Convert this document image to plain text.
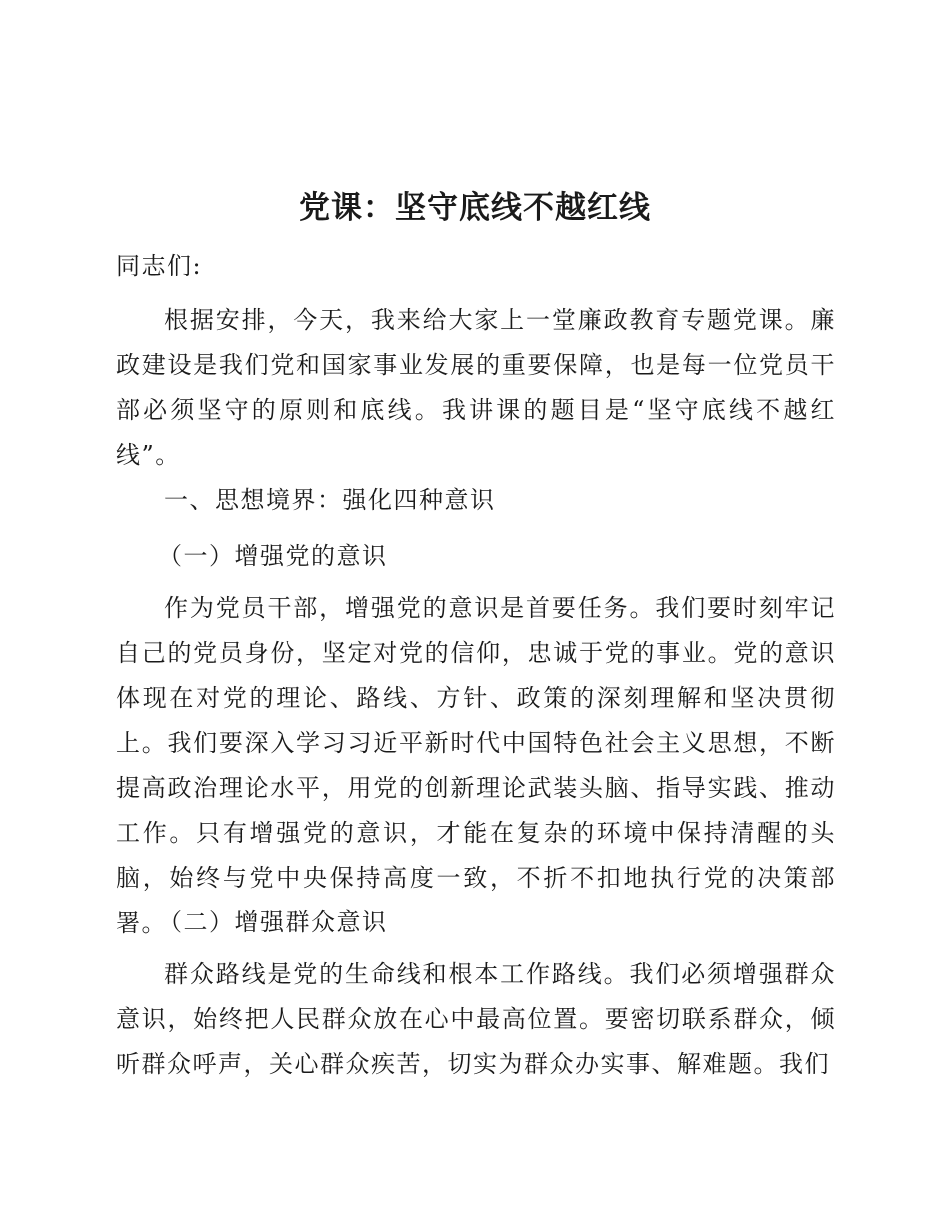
党课：坚守底线不越红线

同志们:

根据安排，今天，我来给大家上一堂廉政教育专题党课。廉政建设是我们党和国家事业发展的重要保障，也是每一位党员干部必须坚守的原则和底线。我讲课的题目是“坚守底线不越红线”。

一、思想境界：强化四种意识

（一）增强党的意识

作为党员干部，增强党的意识是首要任务。我们要时刻牢记自己的党员身份，坚定对党的信仰，忠诚于党的事业。党的意识体现在对党的理论、路线、方针、政策的深刻理解和坚决贯彻上。我们要深入学习习近平新时代中国特色社会主义思想，不断提高政治理论水平，用党的创新理论武装头脑、指导实践、推动工作。只有增强党的意识，才能在复杂的环境中保持清醒的头脑，始终与党中央保持高度一致，不折不扣地执行党的决策部署。

（二）增强群众意识

群众路线是党的生命线和根本工作路线。我们必须增强群众意识，始终把人民群众放在心中最高位置。要密切联系群众，倾听群众呼声，关心群众疾苦，切实为群众办实事、解难题。我们
